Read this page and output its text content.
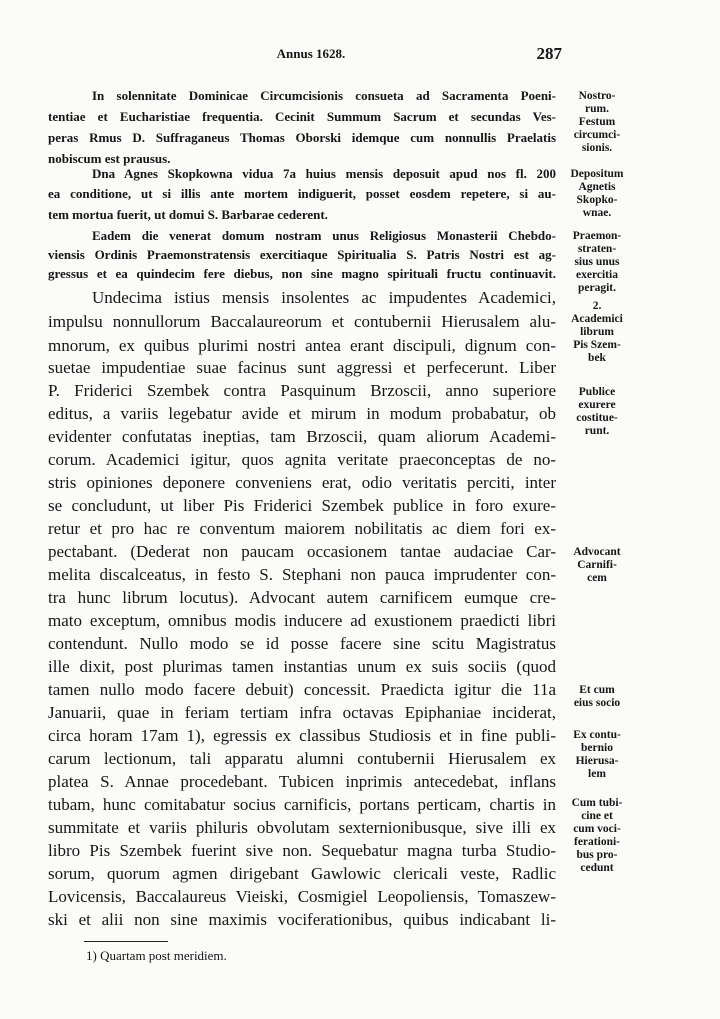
Annus 1628.	287
In solennitate Dominicae Circumcisionis consueta ad Sacramenta Poeni-
tentiae et Eucharistiae frequentia. Cecinit Summum Sacrum et secundas Ves-
peras Rmus D. Suffraganeus Thomas Oborski idemque cum nonnullis Praelatis
nobiscum est prausus.
Dna Agnes Skopkowna vidua 7a huius mensis deposuit apud nos fl. 200
ea conditione, ut si illis ante mortem indiguerit, posset eosdem repetere, si au-
tem mortua fuerit, ut domui S. Barbarae cederent.
Eadem die venerat domum nostram unus Religiosus Monasterii Chebdo-
viensis Ordinis Praemonstratensis exercitiaque Spiritualia S. Patris Nostri est ag-
gressus et ea quindecim fere diebus, non sine magno spirituali fructu continuavit.
Undecima istius mensis insolentes ac impudentes Academici,
impulsu nonnullorum Baccalaureorum et contubernii Hierusalem alu-
mnorum, ex quibus plurimi nostri antea erant discipuli, dignum con-
suetae impudentiae suae facinus sunt aggressi et perfecerunt. Liber
P. Friderici Szembek contra Pasquinum Brzoscii, anno superiore
editus, a variis legebatur avide et mirum in modum probabatur, ob
evidenter confutatas ineptias, tam Brzoscii, quam aliorum Academi-
corum. Academici igitur, quos agnita veritate praeconceptas de no-
stris opiniones deponere conveniens erat, odio veritatis perciti, inter
se concludunt, ut liber Pis Friderici Szembek publice in foro exure-
retur et pro hac re conventum maiorem nobilitatis ac diem fori ex-
pectabant. (Dederat non paucam occasionem tantae audaciae Car-
melita discalceatus, in festo S. Stephani non pauca imprudenter con-
tra hunc librum locutus). Advocant autem carnificem eumque cre-
mato exceptum, omnibus modis inducere ad exustionem praedicti libri
contendunt. Nullo modo se id posse facere sine scitu Magistratus
ille dixit, post plurimas tamen instantias unum ex suis sociis (quod
tamen nullo modo facere debuit) concessit. Praedicta igitur die 11a
Januarii, quae in feriam tertiam infra octavas Epiphaniae inciderat,
circa horam 17am 1), egressis ex classibus Studiosis et in fine publi-
carum lectionum, tali apparatu alumni contubernii Hierusalem ex
platea S. Annae procedebant. Tubicen inprimis antecedebat, inflans
tubam, hunc comitabatur socius carnificis, portans perticam, chartis in
summitate et variis philuris obvolutam sexternionibusque, sive illi ex
libro Pis Szembek fuerint sive non. Sequebatur magna turba Studio-
sorum, quorum agmen dirigebant Gawlowic clericali veste, Radlic
Lovicensis, Baccalaureus Vieiski, Cosmigiel Leopoliensis, Tomaszew-
ski et alii non sine maximis vociferationibus, quibus indicabant li-
Nostro-
rum.
Festum
circumci-
sionis.
Depositum
Agnetis
Skopko-
wnae.
Praemon-
straten-
sius unus
exercitia
peragit.
2.
Academici
librum
Pis Szem-
bek
Publice
exurere
costitue-
runt.
Advocant
Carnifi-
cem
Et cum
eius socio
Ex contu-
bernio
Hierusa-
lem
Cum tubi-
cine et
cum voci-
ferationi-
bus pro-
cedunt
1) Quartam post meridiem.
